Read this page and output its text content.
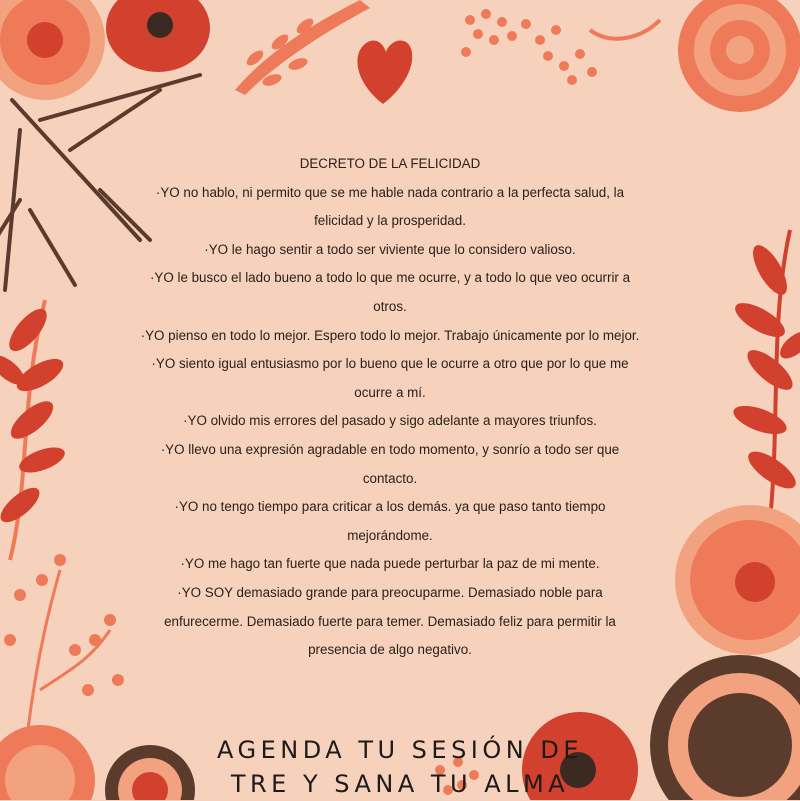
DECRETO DE LA FELICIDAD
·YO no hablo, ni permito que se me hable nada contrario a la perfecta salud, la
felicidad y la prosperidad.
·YO le hago sentir a todo ser viviente que lo considero valioso.
·YO le busco el lado bueno a todo lo que me ocurre, y a todo lo que veo ocurrir a
otros.
·YO pienso en todo lo mejor. Espero todo lo mejor. Trabajo únicamente por lo mejor.
·YO siento igual entusiasmo por lo bueno que le ocurre a otro que por lo que me
ocurre a mí.
·YO olvido mis errores del pasado y sigo adelante a mayores triunfos.
·YO llevo una expresión agradable en todo momento, y sonrío a todo ser que
contacto.
·YO no tengo tiempo para criticar a los demás. ya que paso tanto tiempo
mejorándome.
·YO me hago tan fuerte que nada puede perturbar la paz de mi mente.
·YO SOY demasiado grande para preocuparme. Demasiado noble para
enfurecerme. Demasiado fuerte para temer. Demasiado feliz para permitir la
presencia de algo negativo.
AGENDA TU SESIÓN DE
TRE Y SANA TU ALMA
